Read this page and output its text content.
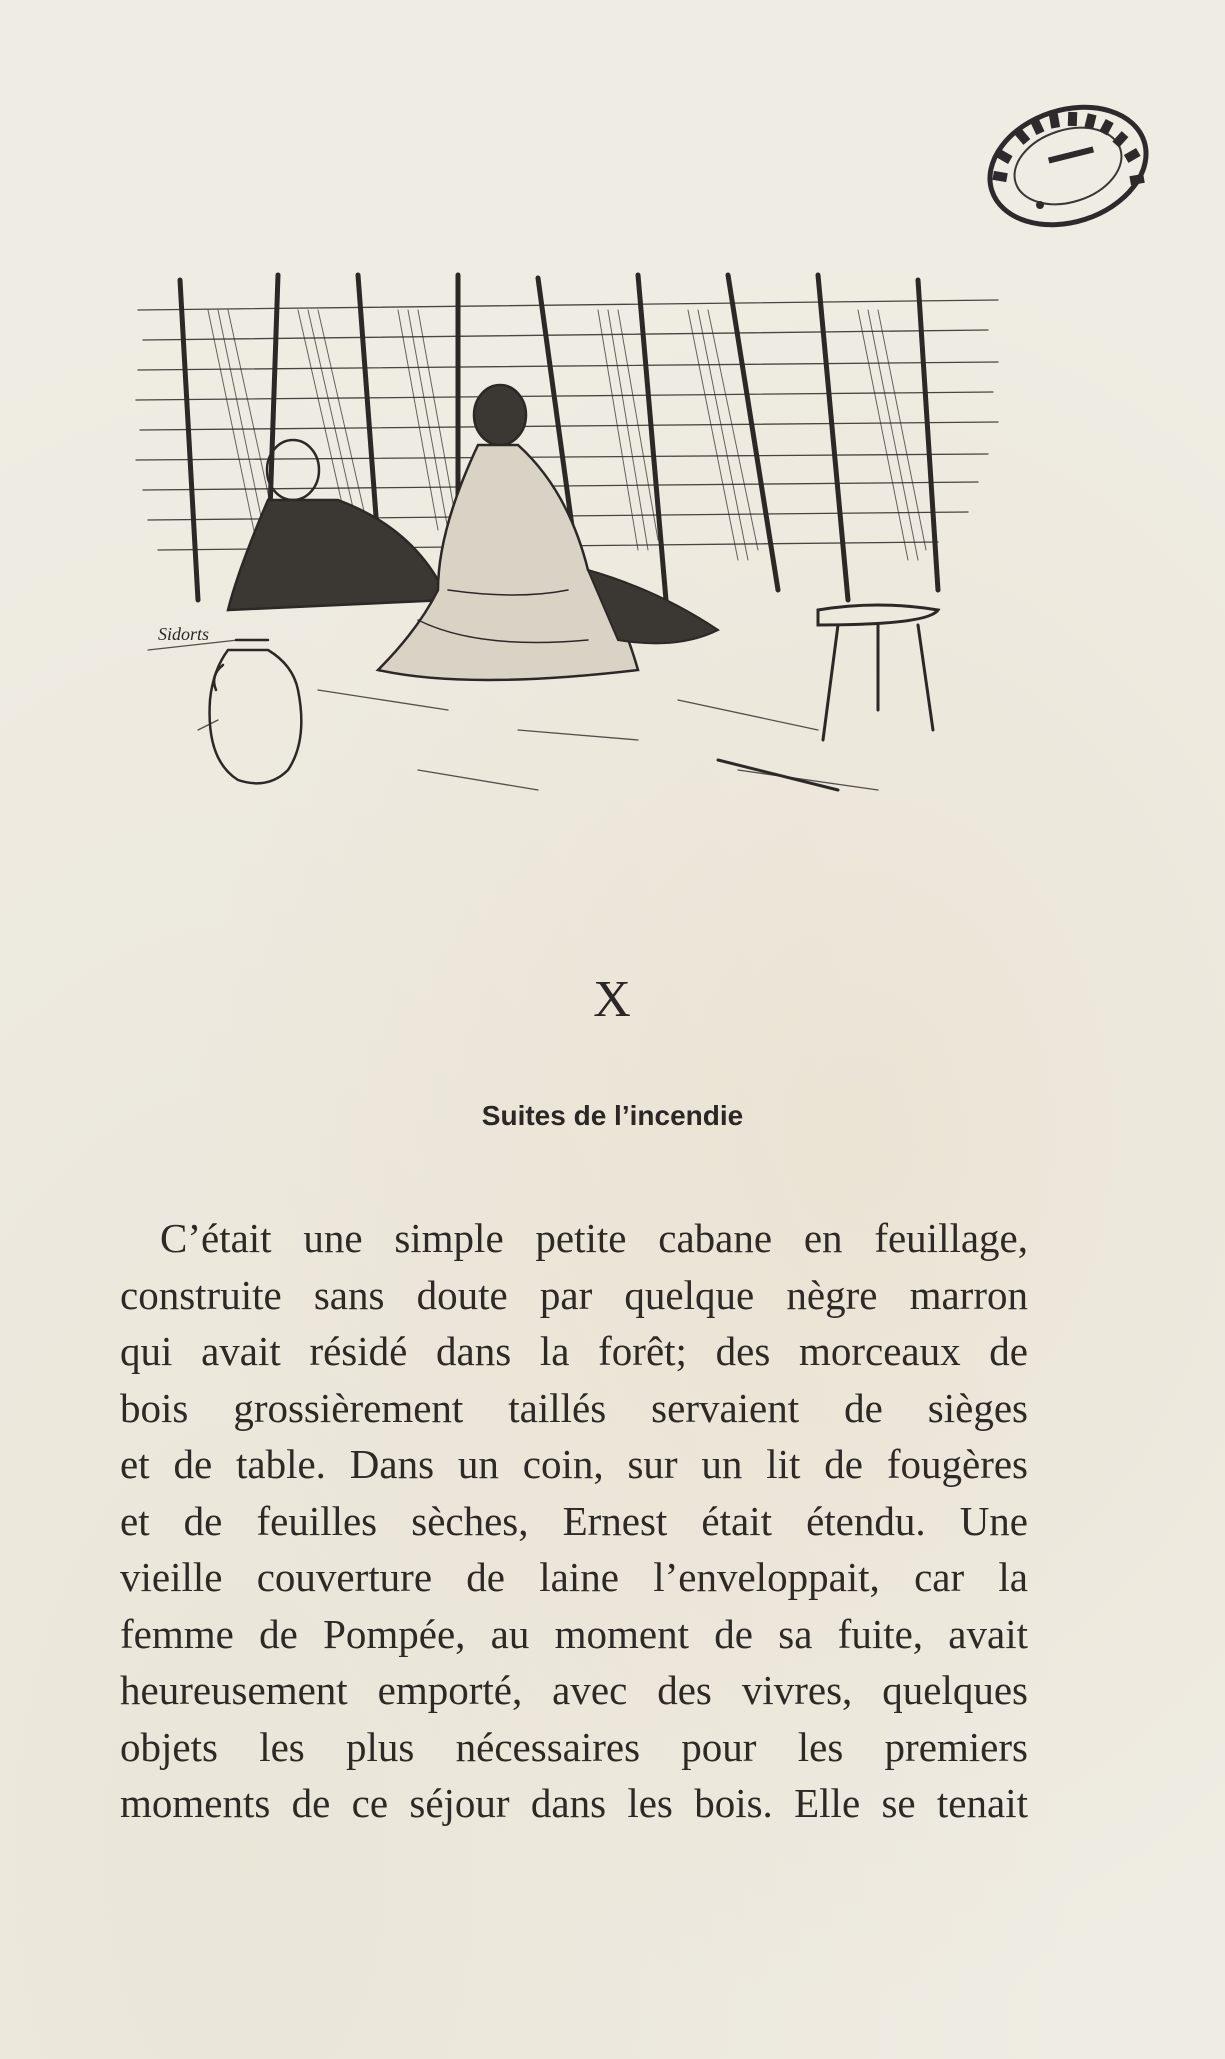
Sidorts
X
Suites de l’incendie
C’était une simple petite cabane en feuillage,
construite sans doute par quelque nègre marron
qui avait résidé dans la forêt; des morceaux de
bois grossièrement taillés servaient de sièges
et de table. Dans un coin, sur un lit de fougères
et de feuilles sèches, Ernest était étendu. Une
vieille couverture de laine l’enveloppait, car la
femme de Pompée, au moment de sa fuite, avait
heureusement emporté, avec des vivres, quelques
objets les plus nécessaires pour les premiers
moments de ce séjour dans les bois. Elle se tenait
